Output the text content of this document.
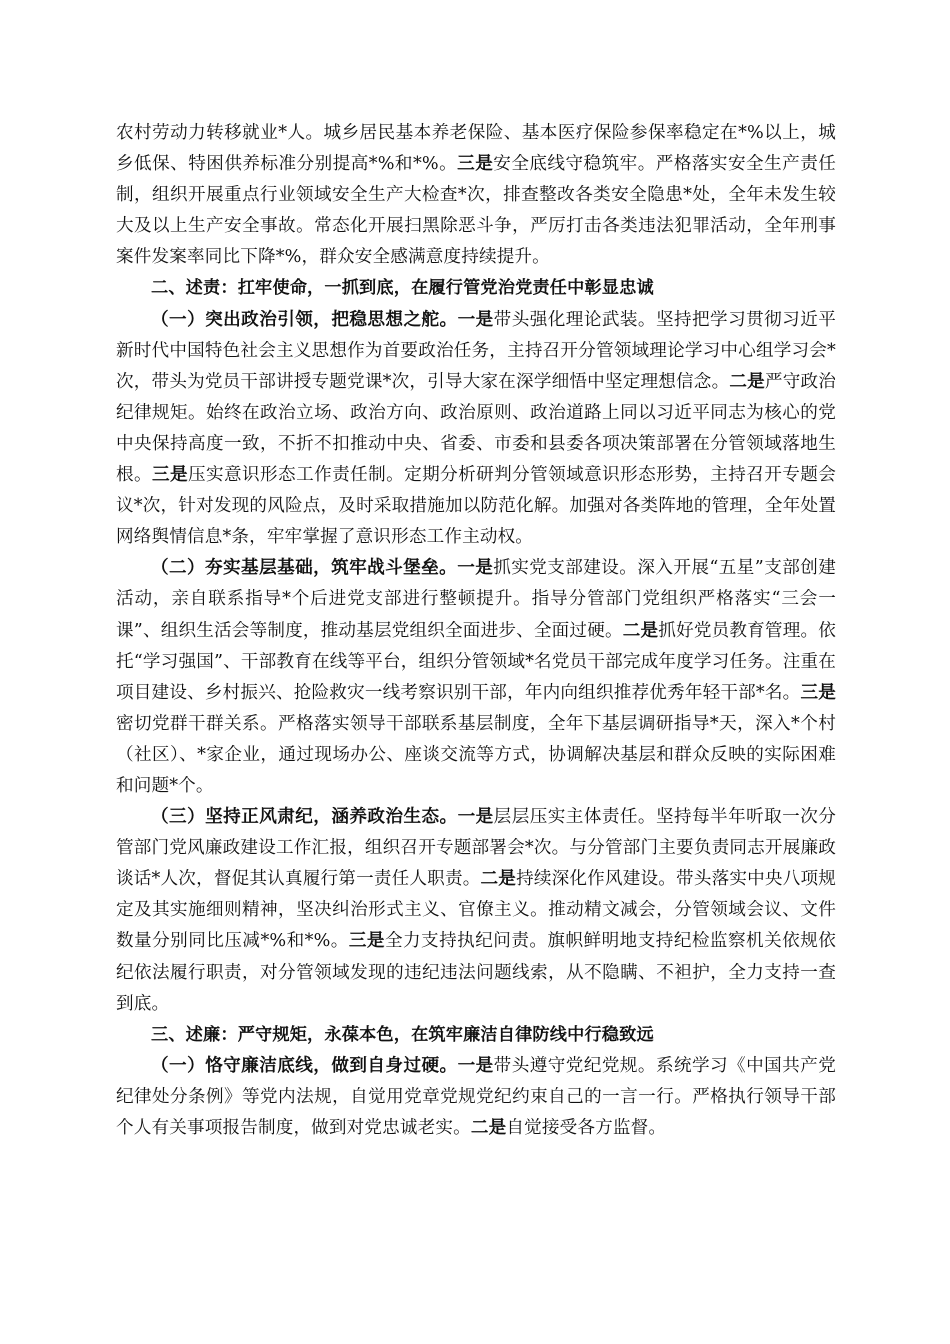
农村劳动力转移就业*人。城乡居民基本养老保险、基本医疗保险参保率稳定在*%以上，城乡低保、特困供养标准分别提高*%和*%。三是安全底线守稳筑牢。严格落实安全生产责任制，组织开展重点行业领域安全生产大检查*次，排查整改各类安全隐患*处，全年未发生较大及以上生产安全事故。常态化开展扫黑除恶斗争，严厉打击各类违法犯罪活动，全年刑事案件发案率同比下降*%，群众安全感满意度持续提升。

二、述责：扛牢使命，一抓到底，在履行管党治党责任中彰显忠诚

（一）突出政治引领，把稳思想之舵。一是带头强化理论武装。坚持把学习贯彻习近平新时代中国特色社会主义思想作为首要政治任务，主持召开分管领域理论学习中心组学习会*次，带头为党员干部讲授专题党课*次，引导大家在深学细悟中坚定理想信念。二是严守政治纪律规矩。始终在政治立场、政治方向、政治原则、政治道路上同以习近平同志为核心的党中央保持高度一致，不折不扣推动中央、省委、市委和县委各项决策部署在分管领域落地生根。三是压实意识形态工作责任制。定期分析研判分管领域意识形态形势，主持召开专题会议*次，针对发现的风险点，及时采取措施加以防范化解。加强对各类阵地的管理，全年处置网络舆情信息*条，牢牢掌握了意识形态工作主动权。

（二）夯实基层基础，筑牢战斗堡垒。一是抓实党支部建设。深入开展“五星”支部创建活动，亲自联系指导*个后进党支部进行整顿提升。指导分管部门党组织严格落实“三会一课”、组织生活会等制度，推动基层党组织全面进步、全面过硬。二是抓好党员教育管理。依托“学习强国”、干部教育在线等平台，组织分管领域*名党员干部完成年度学习任务。注重在项目建设、乡村振兴、抢险救灾一线考察识别干部，年内向组织推荐优秀年轻干部*名。三是密切党群干群关系。严格落实领导干部联系基层制度，全年下基层调研指导*天，深入*个村（社区）、*家企业，通过现场办公、座谈交流等方式，协调解决基层和群众反映的实际困难和问题*个。

（三）坚持正风肃纪，涵养政治生态。一是层层压实主体责任。坚持每半年听取一次分管部门党风廉政建设工作汇报，组织召开专题部署会*次。与分管部门主要负责同志开展廉政谈话*人次，督促其认真履行第一责任人职责。二是持续深化作风建设。带头落实中央八项规定及其实施细则精神，坚决纠治形式主义、官僚主义。推动精文减会，分管领域会议、文件数量分别同比压减*%和*%。三是全力支持执纪问责。旗帜鲜明地支持纪检监察机关依规依纪依法履行职责，对分管领域发现的违纪违法问题线索，从不隐瞒、不袒护，全力支持一查到底。

三、述廉：严守规矩，永葆本色，在筑牢廉洁自律防线中行稳致远

（一）恪守廉洁底线，做到自身过硬。一是带头遵守党纪党规。系统学习《中国共产党纪律处分条例》等党内法规，自觉用党章党规党纪约束自己的一言一行。严格执行领导干部个人有关事项报告制度，做到对党忠诚老实。二是自觉接受各方监督。
